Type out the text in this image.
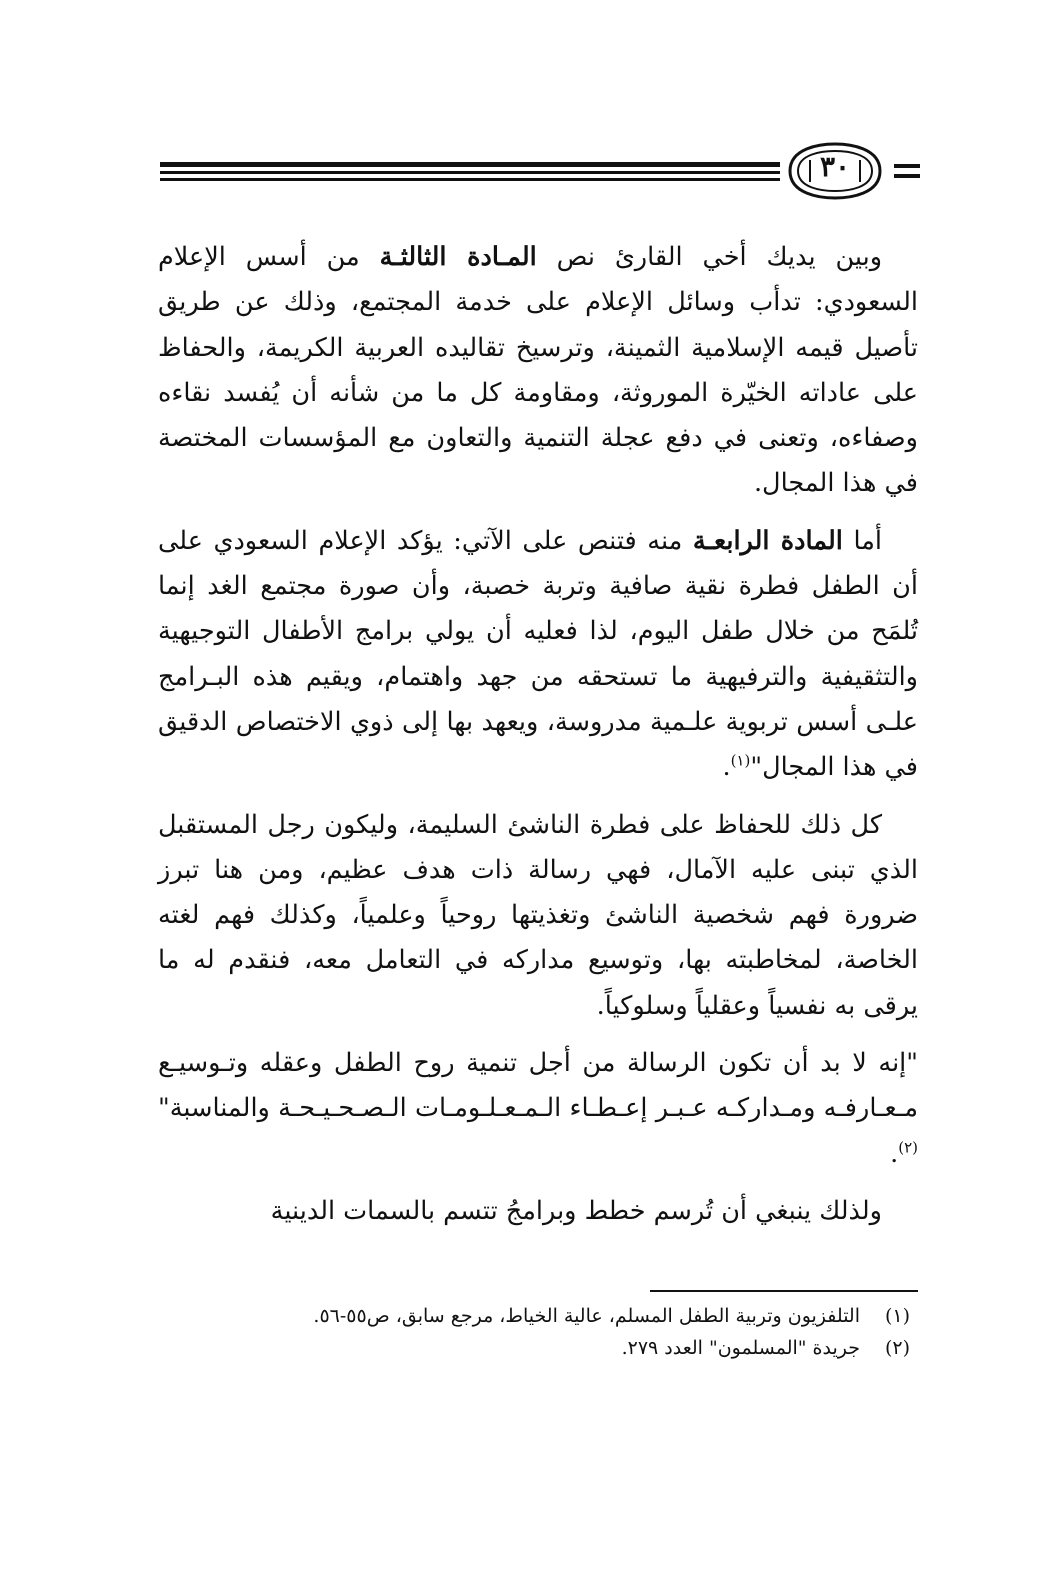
٣٠

وبين يديك أخي القارئ نص المـادة الثالثـة من أسس الإعلام السعودي: تدأب وسائل الإعلام على خدمة المجتمع، وذلك عن طريق تأصيل قيمه الإسلامية الثمينة، وترسيخ تقاليده العربية الكريمة، والحفاظ على عاداته الخيّرة الموروثة، ومقاومة كل ما من شأنه أن يُفسد نقاءه وصفاءه، وتعنى في دفع عجلة التنمية والتعاون مع المؤسسات المختصة في هذا المجال.

أما المادة الرابعـة منه فتنص على الآتي: يؤكد الإعلام السعودي على أن الطفل فطرة نقية صافية وتربة خصبة، وأن صورة مجتمع الغد إنما تُلمَح من خلال طفل اليوم، لذا فعليه أن يولي برامج الأطفال التوجيهية والتثقيفية والترفيهية ما تستحقه من جهد واهتمام، ويقيم هذه البـرامج علـى أسس تربوية علـمية مدروسة، ويعهد بها إلى ذوي الاختصاص الدقيق في هذا المجال"$^{(١)}$.

كل ذلك للحفاظ على فطرة الناشئ السليمة، وليكون رجل المستقبل الذي تبنى عليه الآمال، فهي رسالة ذات هدف عظيم، ومن هنا تبرز ضرورة فهم شخصية الناشئ وتغذيتها روحياً وعلمياً، وكذلك فهم لغته الخاصة، لمخاطبته بها، وتوسيع مداركه في التعامل معه، فنقدم له ما يرقى به نفسياً وعقلياً وسلوكياً.

"إنه لا بد أن تكون الرسالة من أجل تنمية روح الطفل وعقله وتـوسيـع مـعـارفـه ومـداركـه عـبـر إعـطـاء الـمـعـلـومـات الـصـحـيـحـة والمناسبة"$^{(٢)}$.

ولذلك ينبغي أن تُرسم خطط وبرامجُ تتسم بالسمات الدينية

(١)التلفزيون وتربية الطفل المسلم، عالية الخياط، مرجع سابق، ص٥٥-٥٦.

(٢)جريدة "المسلمون" العدد ٢٧٩.
